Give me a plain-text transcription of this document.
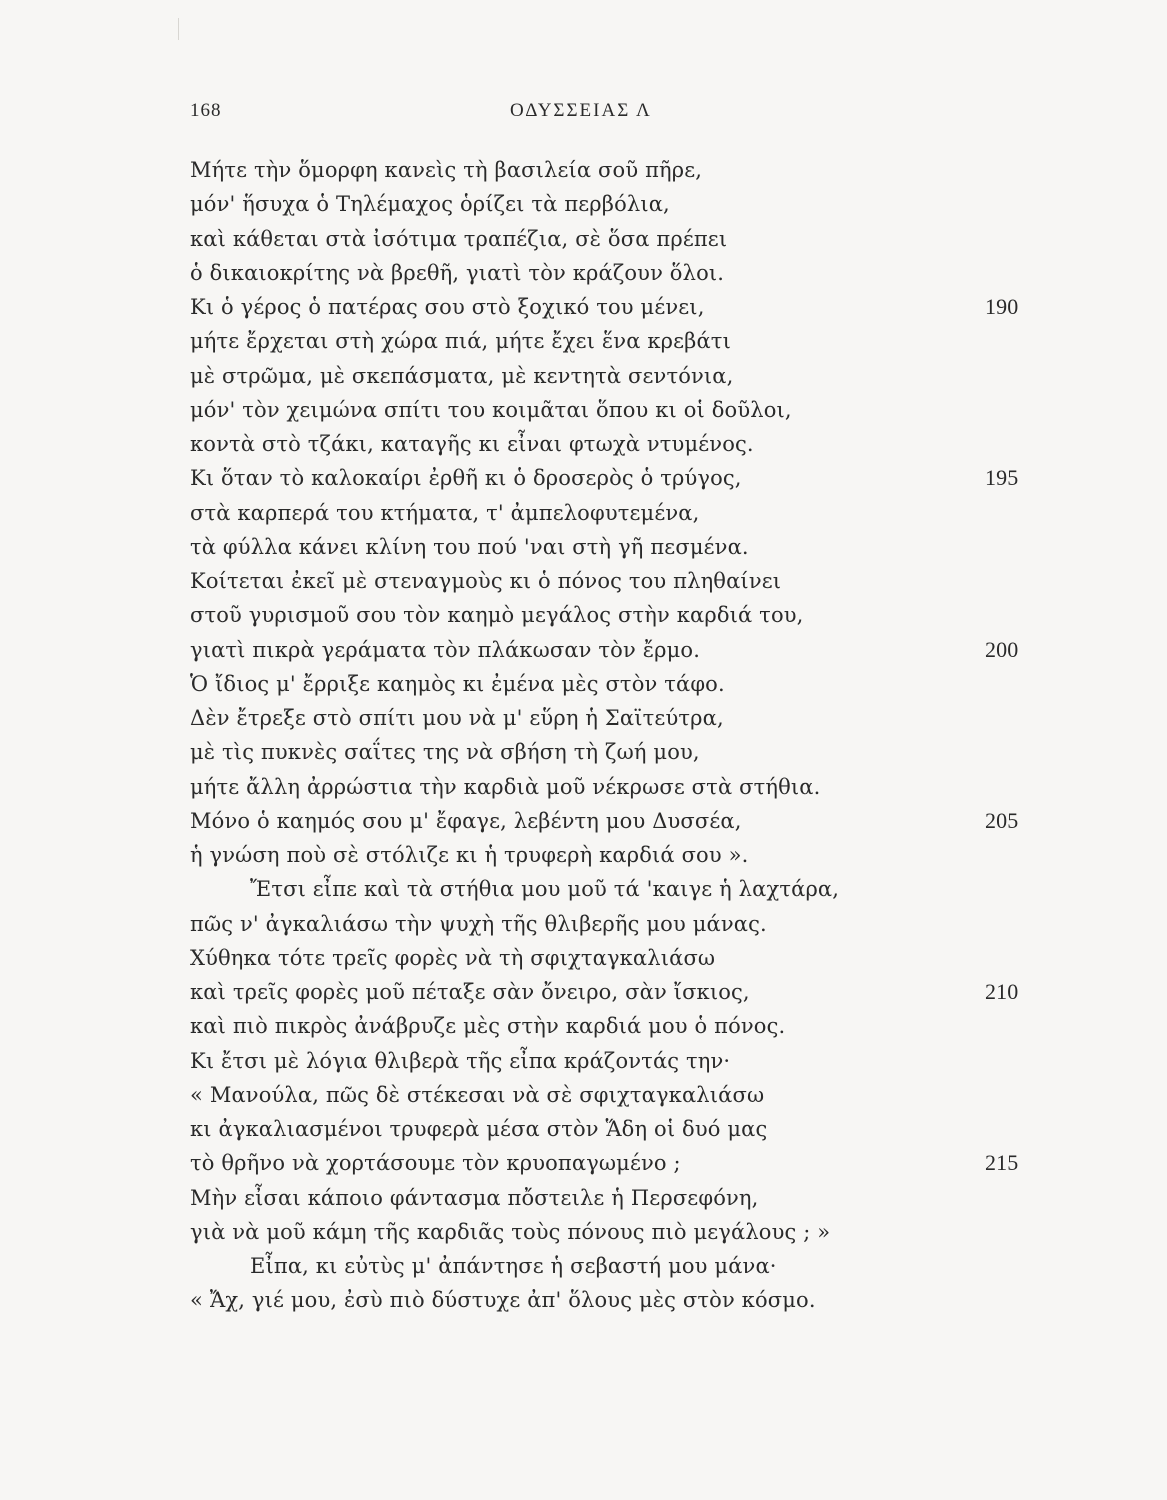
168	ΟΔΥΣΣΕΙΑΣ Λ
Μήτε τὴν ὅμορφη κανεὶς τὴ βασιλεία σοῦ πῆρε,
μόν' ἥσυχα ὁ Τηλέμαχος ὁρίζει τὰ περβόλια,
καὶ κάθεται στὰ ἰσότιμα τραπέζια, σὲ ὅσα πρέπει
ὁ δικαιοκρίτης νὰ βρεθῆ, γιατὶ τὸν κράζουν ὅλοι.
Κι ὁ γέρος ὁ πατέρας σου στὸ ξοχικό του μένει,	190
μήτε ἔρχεται στὴ χώρα πιά, μήτε ἔχει ἕνα κρεβάτι
μὲ στρῶμα, μὲ σκεπάσματα, μὲ κεντητὰ σεντόνια,
μόν' τὸν χειμώνα σπίτι του κοιμᾶται ὅπου κι οἱ δοῦλοι,
κοντὰ στὸ τζάκι, καταγῆς κι εἶναι φτωχὰ ντυμένος.
Κι ὅταν τὸ καλοκαίρι ἐρθῆ κι ὁ δροσερὸς ὁ τρύγος,	195
στὰ καρπερά του κτήματα, τ' ἀμπελοφυτεμένα,
τὰ φύλλα κάνει κλίνη του πού 'ναι στὴ γῆ πεσμένα.
Κοίτεται ἐκεῖ μὲ στεναγμοὺς κι ὁ πόνος του πληθαίνει
στοῦ γυρισμοῦ σου τὸν καημὸ μεγάλος στὴν καρδιά του,
γιατὶ πικρὰ γεράματα τὸν πλάκωσαν τὸν ἔρμο.	200
Ὁ ἴδιος μ' ἔρριξε καημὸς κι ἐμένα μὲς στὸν τάφο.
Δὲν ἔτρεξε στὸ σπίτι μου νὰ μ' εὕρη ἡ Σαϊτεύτρα,
μὲ τὶς πυκνὲς σαΐτες της νὰ σβήση τὴ ζωή μου,
μήτε ἄλλη ἀρρώστια τὴν καρδιὰ μοῦ νέκρωσε στὰ στήθια.
Μόνο ὁ καημός σου μ' ἔφαγε, λεβέντη μου Δυσσέα,	205
ἡ γνώση ποὺ σὲ στόλιζε κι ἡ τρυφερὴ καρδιά σου ».
Ἔτσι εἶπε καὶ τὰ στήθια μου μοῦ τά 'καιγε ἡ λαχτάρα,
πῶς ν' ἀγκαλιάσω τὴν ψυχὴ τῆς θλιβερῆς μου μάνας.
Χύθηκα τότε τρεῖς φορὲς νὰ τὴ σφιχταγκαλιάσω
καὶ τρεῖς φορὲς μοῦ πέταξε σὰν ὄνειρο, σὰν ἴσκιος,	210
καὶ πιὸ πικρὸς ἀνάβρυζε μὲς στὴν καρδιά μου ὁ πόνος.
Κι ἔτσι μὲ λόγια θλιβερὰ τῆς εἶπα κράζοντάς την·
« Μανούλα, πῶς δὲ στέκεσαι νὰ σὲ σφιχταγκαλιάσω
κι ἀγκαλιασμένοι τρυφερὰ μέσα στὸν Ἅδη οἱ δυό μας
τὸ θρῆνο νὰ χορτάσουμε τὸν κρυοπαγωμένο ;	215
Μὴν εἶσαι κάποιο φάντασμα πὄστειλε ἡ Περσεφόνη,
γιὰ νὰ μοῦ κάμη τῆς καρδιᾶς τοὺς πόνους πιὸ μεγάλους ; »
Εἶπα, κι εὐτὺς μ' ἀπάντησε ἡ σεβαστή μου μάνα·
« Ἄχ, γιέ μου, ἐσὺ πιὸ δύστυχε ἀπ' ὅλους μὲς στὸν κόσμο.
